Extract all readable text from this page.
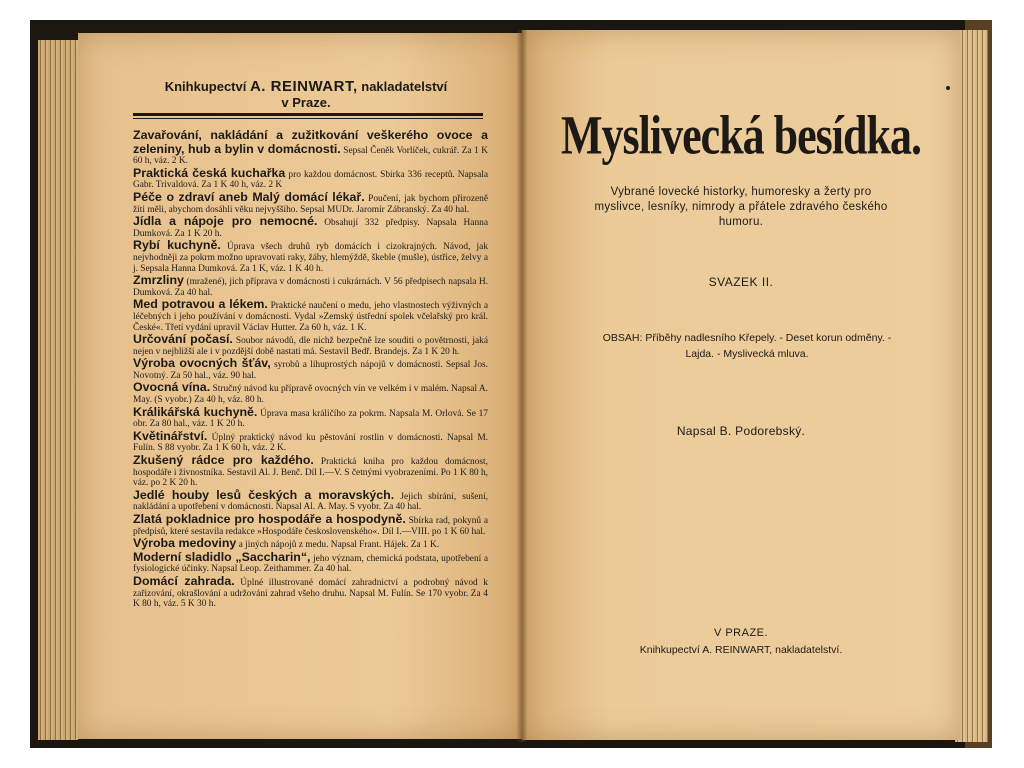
Knihkupectví A. REINWART, nakladatelství
v Praze.
Zavařování, nakládání a zužitkování veškerého ovoce a zeleniny, hub a bylin v domácnosti. Sepsal Čeněk Vorlíček, cukrář. Za 1 K 60 h, váz. 2 K.
Praktická česká kuchařka pro každou domácnost. Sbírka 336 receptů. Napsala Gabr. Trivaldová. Za 1 K 40 h, váz. 2 K
Péče o zdraví aneb Malý domácí lékař. Poučení, jak bychom přirozeně žíti měli, abychom dosáhli věku nejvyššího. Sepsal MUDr. Jaromír Zábranský. Za 40 hal.
Jídla a nápoje pro nemocné. Obsahují 332 předpisy. Napsala Hanna Dumková. Za 1 K 20 h.
Rybí kuchyně. Úprava všech druhů ryb domácích i cizokrajných. Návod, jak nejvhodněji za pokrm možno upravovati raky, žáby, hlemýždě, škeble (mušle), ústřice, želvy a j. Sepsala Hanna Dumková. Za 1 K, váz. 1 K 40 h.
Zmrzliny (mražené), jich příprava v domácnosti i cukrárnách. V 56 předpisech napsala H. Dumková. Za 40 hal.
Med potravou a lékem. Praktické naučení o medu, jeho vlastnostech výživných a léčebných i jeho používání v domácnosti. Vydal »Zemský ústřední spolek včelařský pro král. České«. Třetí vydání upravil Václav Hutter. Za 60 h, váz. 1 K.
Určování počasí. Soubor návodů, dle nichž bezpečně lze souditi o povětrnosti, jaká nejen v nejbližší ale i v pozdější době nastati má. Sestavil Bedř. Brandejs. Za 1 K 20 h.
Výroba ovocných šťáv, syrobů a lihuprostých nápojů v domácnosti. Sepsal Jos. Novotný. Za 50 hal., váz. 90 hal.
Ovocná vína. Stručný návod ku přípravě ovocných vín ve velkém i v malém. Napsal A. May. (S vyobr.) Za 40 h, váz. 80 h.
Králikářská kuchyně. Úprava masa králičího za pokrm. Napsala M. Orlová. Se 17 obr. Za 80 hal., váz. 1 K 20 h.
Květinářství. Úplný praktický návod ku pěstování rostlin v domácnosti. Napsal M. Fulín. S 88 vyobr. Za 1 K 60 h, váz. 2 K.
Zkušený rádce pro každého. Praktická kniha pro každou domácnost, hospodáře i živnostníka. Sestavil Al. J. Benč. Díl I.—V. S četnými vyobrazeními. Po 1 K 80 h, váz. po 2 K 20 h.
Jedlé houby lesů českých a moravských. Jejich sbírání, sušení, nakládání a upotřebení v domácnosti. Napsal Al. A. May. S vyobr. Za 40 hal.
Zlatá pokladnice pro hospodáře a hospodyně. Sbírka rad, pokynů a předpisů, které sestavila redakce »Hospodáře československého«. Díl I.—VIII. po 1 K 60 hal.
Výroba medoviny a jiných nápojů z medu. Napsal Frant. Hájek. Za 1 K.
Moderní sladidlo „Saccharin“, jeho význam, chemická podstata, upotřebení a fysiologické účinky. Napsal Leop. Zeithammer. Za 40 hal.
Domácí zahrada. Úplné illustrované domácí zahradnictví a podrobný návod k zařizování, okrašlování a udržování zahrad všeho druhu. Napsal M. Fulín. Se 170 vyobr. Za 4 K 80 h, váz. 5 K 30 h.
Myslivecká besídka.
Vybrané lovecké historky, humoresky a žerty pro myslivce, lesníky, nimrody a přátele zdravého českého humoru.
SVAZEK II.
OBSAH: Příběhy nadlesního Křepely. - Deset korun odměny. - Lajda. - Myslivecká mluva.
Napsal B. Podorebský.
V PRAZE.
Knihkupectví A. REINWART, nakladatelství.
